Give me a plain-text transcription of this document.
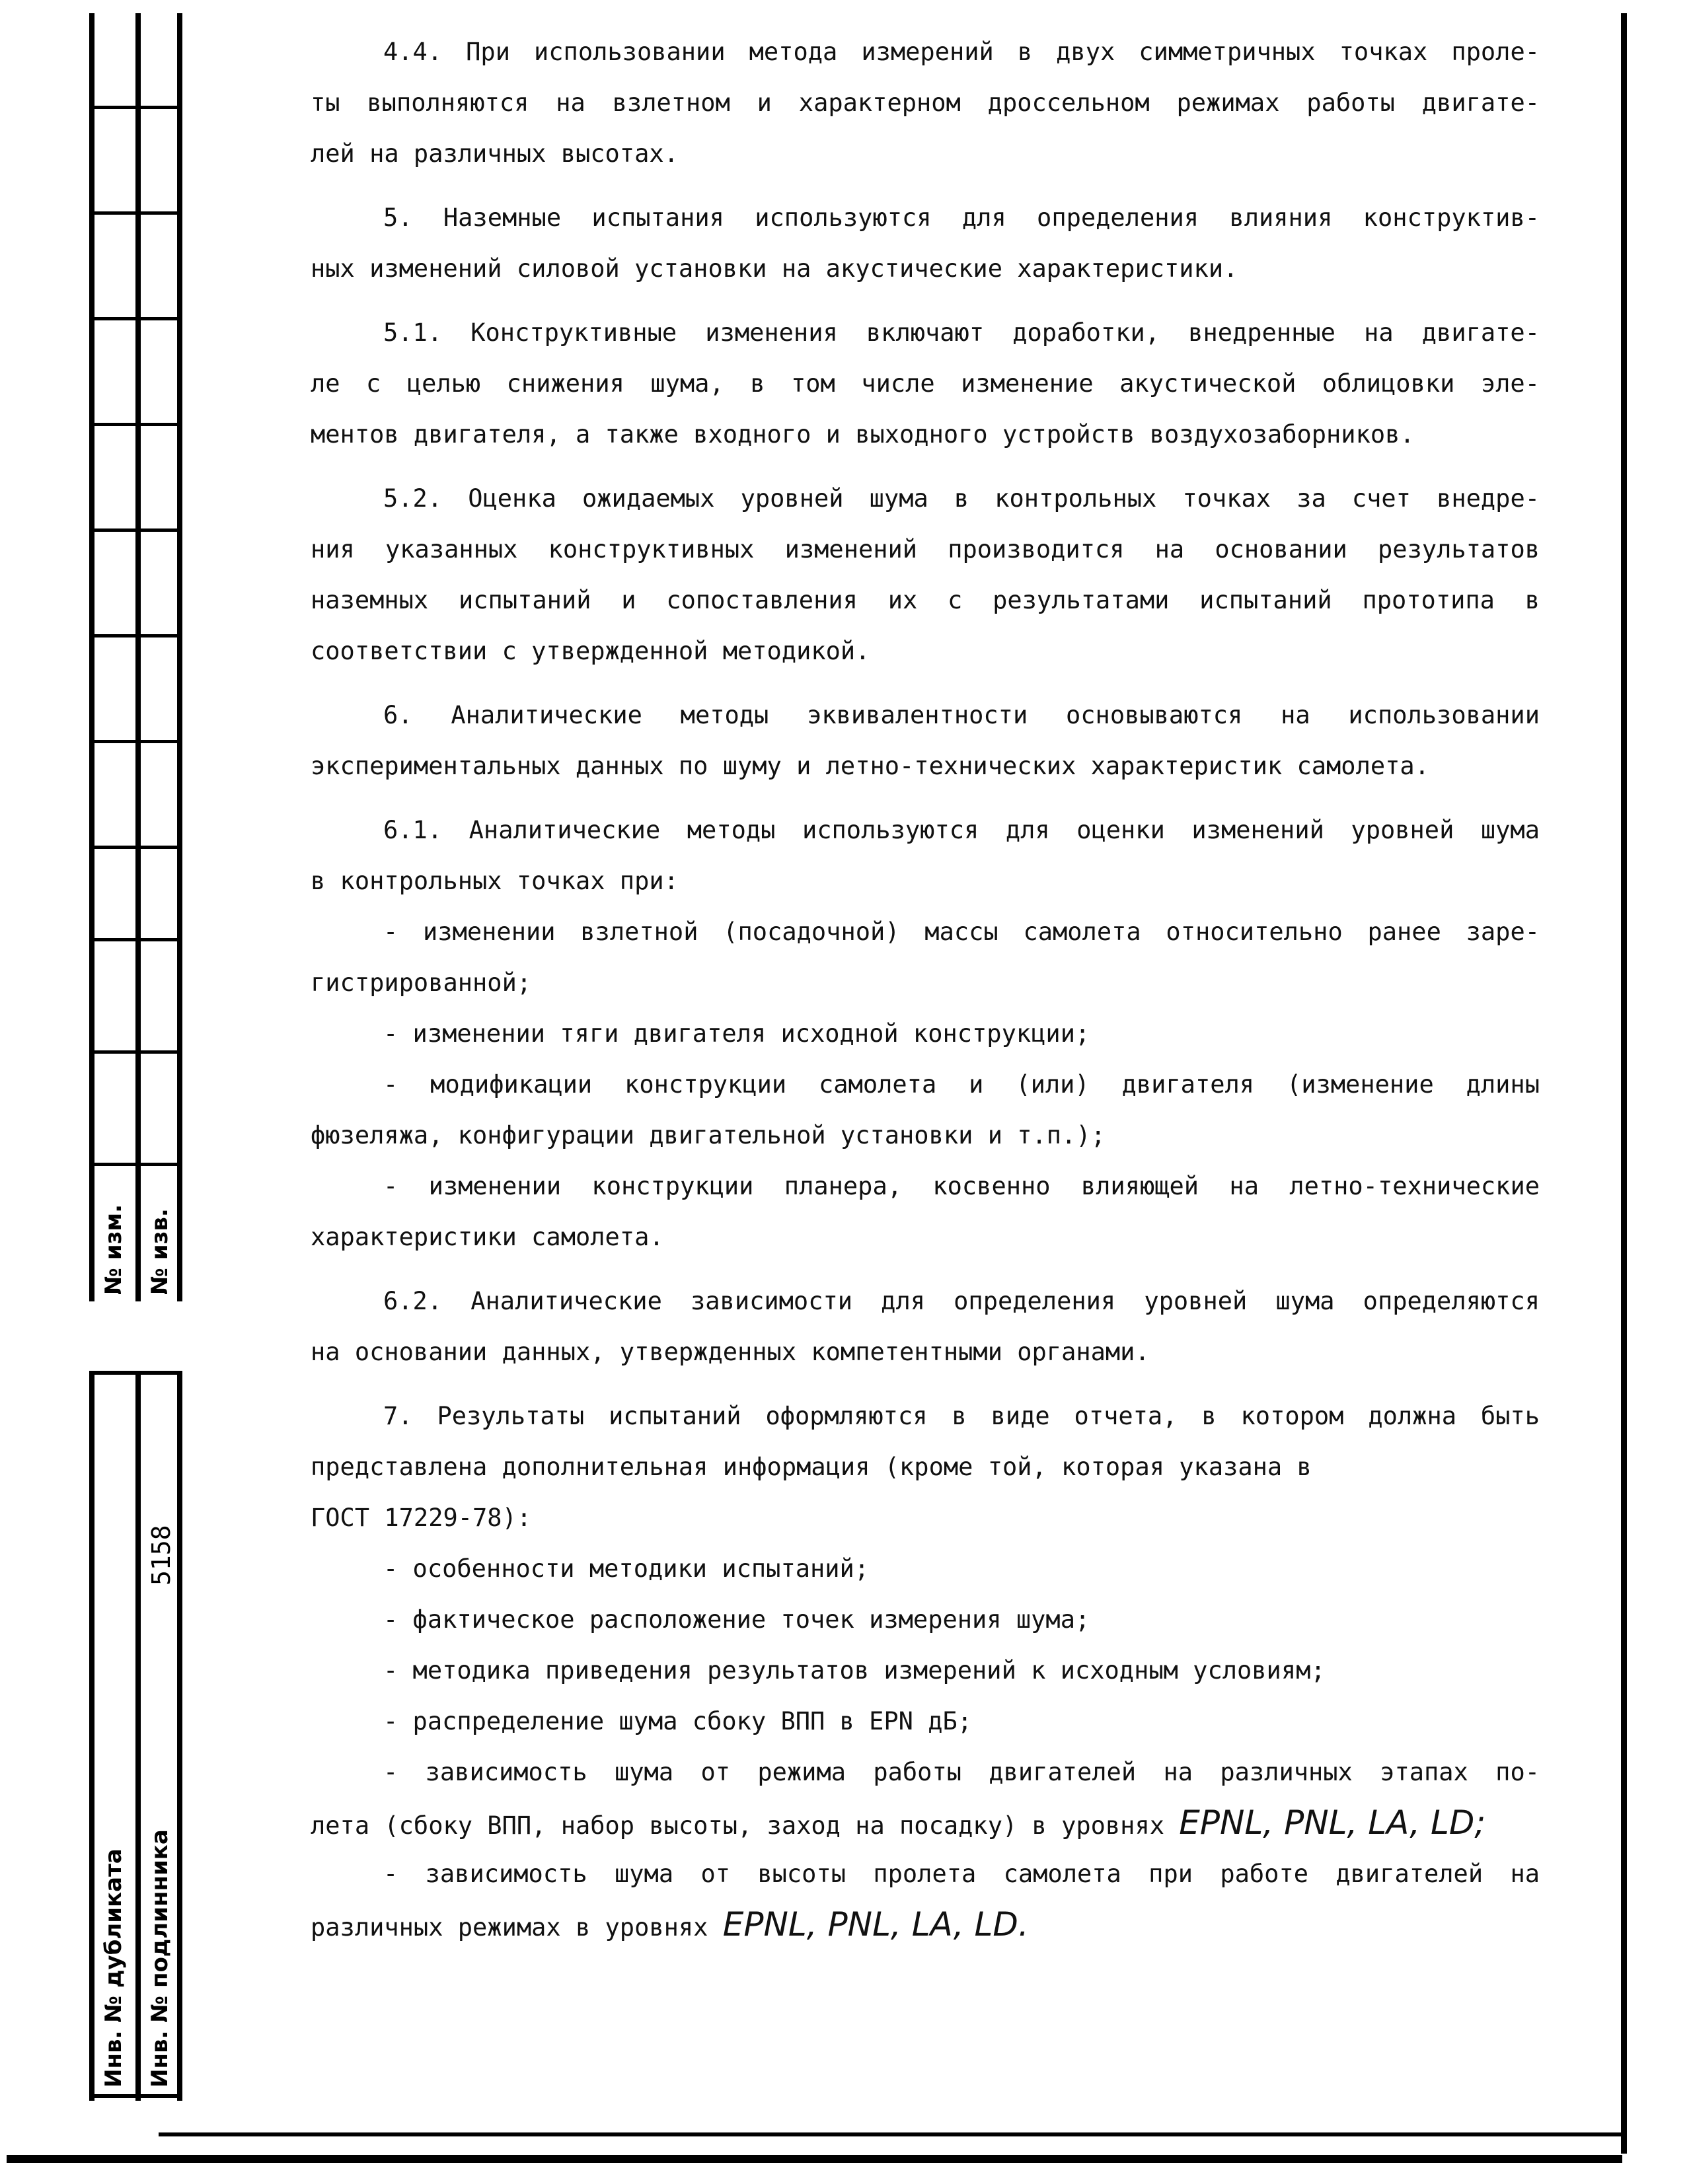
№ изм. № изв.
Инв. № дубликата Инв. № подлинника
5158
4.4. При использовании метода измерений в двух симметричных точках проле-
ты выполняются на взлетном и характерном дроссельном режимах работы двигате-
лей на различных высотах.
5. Наземные испытания используются для определения влияния конструктив-
ных изменений силовой установки на акустические характеристики.
5.1. Конструктивные изменения включают доработки, внедренные на двигате-
ле с целью снижения шума, в том числе изменение акустической облицовки эле-
ментов двигателя, а также входного и выходного устройств воздухозаборников.
5.2. Оценка ожидаемых уровней шума в контрольных точках за счет внедре-
ния указанных конструктивных изменений производится на основании результатов
наземных испытаний и сопоставления их с результатами испытаний прототипа в
соответствии с утвержденной методикой.
6. Аналитические методы эквивалентности основываются на использовании
экспериментальных данных по шуму и летно-технических характеристик самолета.
6.1. Аналитические методы используются для оценки изменений уровней шума
в контрольных точках при:
- изменении взлетной (посадочной) массы самолета относительно ранее заре-
гистрированной;
- изменении тяги двигателя исходной конструкции;
- модификации конструкции самолета и (или) двигателя (изменение длины
фюзеляжа, конфигурации двигательной установки и т.п.);
- изменении конструкции планера, косвенно влияющей на летно-технические
характеристики самолета.
6.2. Аналитические зависимости для определения уровней шума определяются
на основании данных, утвержденных компетентными органами.
7. Результаты испытаний оформляются в виде отчета, в котором должна быть
представлена дополнительная информация (кроме той, которая указана в
ГОСТ 17229-78):
- особенности методики испытаний;
- фактическое расположение точек измерения шума;
- методика приведения результатов измерений к исходным условиям;
- распределение шума сбоку ВПП в EPN дБ;
- зависимость шума от режима работы двигателей на различных этапах по-
лета (сбоку ВПП, набор высоты, заход на посадку) в уровнях EPNL, PNL, LA, LD;
- зависимость шума от высоты пролета самолета при работе двигателей на
различных режимах в уровнях EPNL, PNL, LA, LD.
